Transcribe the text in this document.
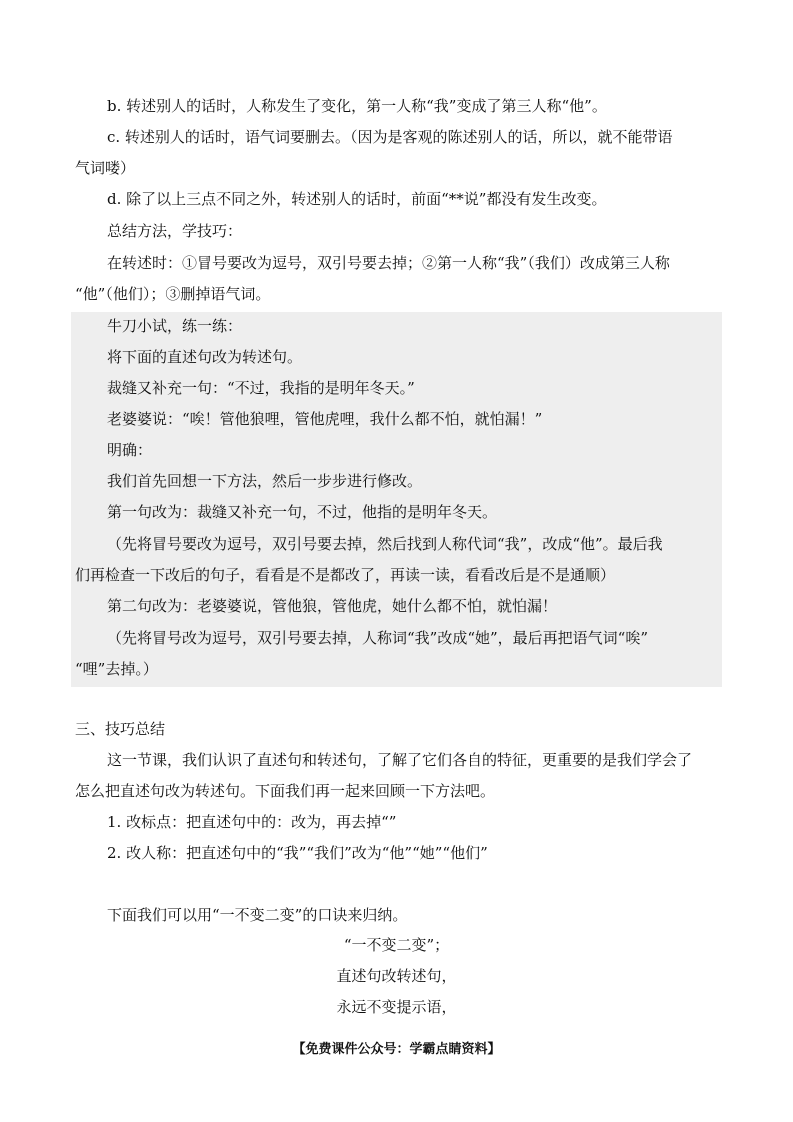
b. 转述别人的话时，人称发生了变化，第一人称“我”变成了第三人称“他”。
c. 转述别人的话时，语气词要删去。（因为是客观的陈述别人的话，所以，就不能带语
气词喽）
d. 除了以上三点不同之外，转述别人的话时，前面“**说”都没有发生改变。
总结方法，学技巧：
在转述时：①冒号要改为逗号，双引号要去掉；②第一人称“我”（我们）改成第三人称
“他”（他们）；③删掉语气词。
牛刀小试，练一练：
将下面的直述句改为转述句。
裁缝又补充一句：“不过，我指的是明年冬天。”
老婆婆说：“唉！管他狼哩，管他虎哩，我什么都不怕，就怕漏！”
明确：
我们首先回想一下方法，然后一步步进行修改。
第一句改为：裁缝又补充一句，不过，他指的是明年冬天。
（先将冒号要改为逗号，双引号要去掉，然后找到人称代词“我”，改成“他”。最后我
们再检查一下改后的句子，看看是不是都改了，再读一读，看看改后是不是通顺）
第二句改为：老婆婆说，管他狼，管他虎，她什么都不怕，就怕漏！
（先将冒号改为逗号，双引号要去掉，人称词“我”改成“她”，最后再把语气词“唉”
“哩”去掉。）
三、技巧总结
这一节课，我们认识了直述句和转述句，了解了它们各自的特征，更重要的是我们学会了
怎么把直述句改为转述句。下面我们再一起来回顾一下方法吧。
1. 改标点：把直述句中的：改为，再去掉“”
2. 改人称：把直述句中的“我”“我们”改为“他”“她”“他们”
下面我们可以用“一不变二变”的口诀来归纳。
“一不变二变”；
直述句改转述句，
永远不变提示语，
【免费课件公众号：学霸点睛资料】
